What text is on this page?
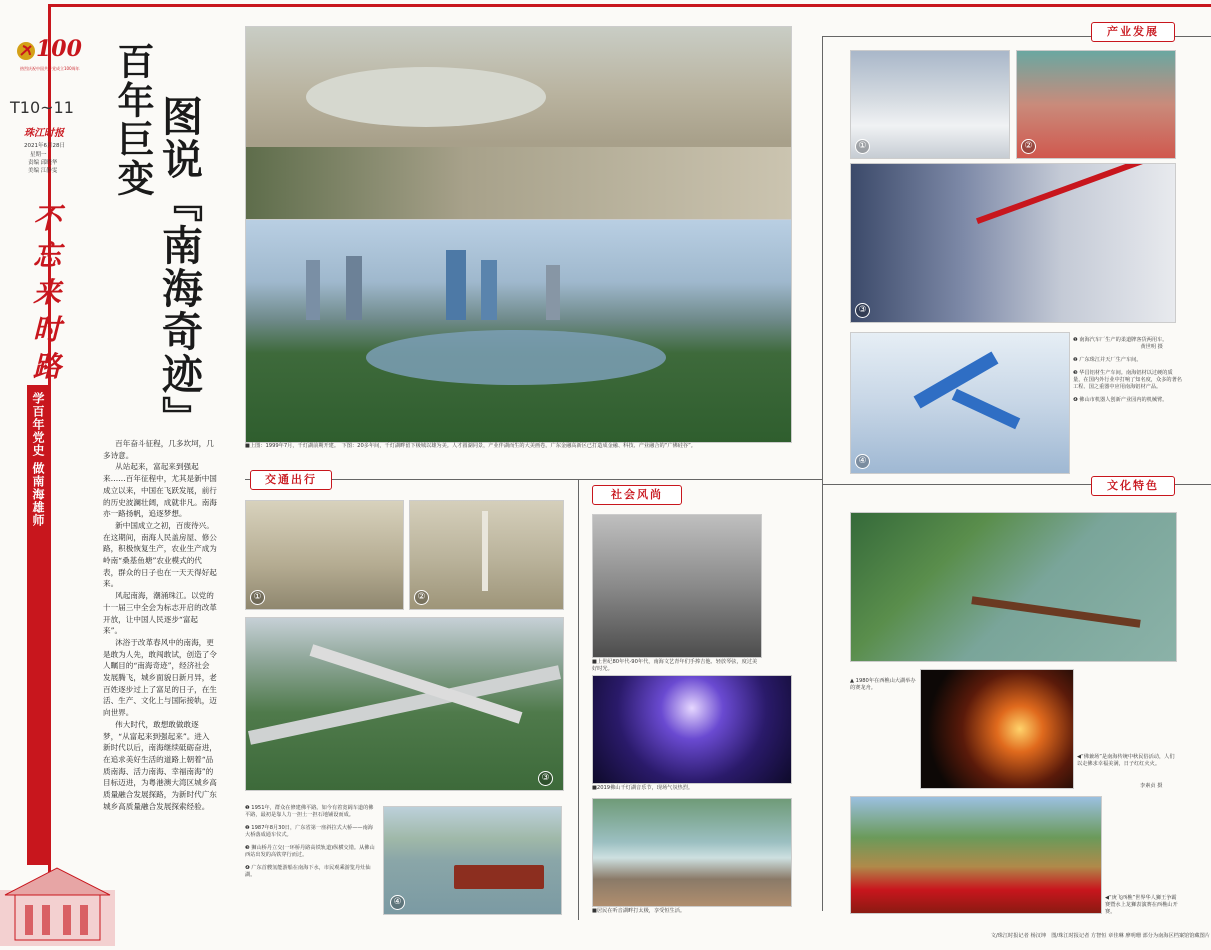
100
热烈庆祝中国共产党成立100周年
T10~11
珠江时报
2021年6月28日
星期一
责编 邱晓华
美编 江静雯
不
忘
来
时
路
学百年党史 做南海雄师
百年巨变 图说『南海奇迹』

百年奋斗征程，几多坎坷，几多诗意。

从站起来，富起来到强起来……百年征程中，尤其是新中国成立以来，中国在飞跃发展，前行的历史波澜壮阔，成就非凡。南海亦一路扬帆，追逐梦想。

新中国成立之初，百废待兴。在这期间，南海人民盖房屋、修公路，积极恢复生产，农业生产成为岭南“桑基鱼塘”农业模式的代表，群众的日子也在一天天得好起来。

风起南海，潮涌珠江。以党的十一届三中全会为标志开启的改革开放，让中国人民逐步“富起来”。

沐浴于改革春风中的南海，更是敢为人先，敢闯敢试，创造了令人瞩目的“南海奇迹”，经济社会发展腾飞，城乡面貌日新月异，老百姓逐步过上了富足的日子，在生活、生产、文化上与国际接轨，迈向世界。

伟大时代，敢想敢做敢逐梦，“从富起来到强起来”。进入新时代以后，南海继续砥砺奋进，在追求美好生活的道路上朝着“品质南海、活力南海、幸福南海”的目标迈进，为粤港澳大湾区城乡高质量融合发展探路，为新时代广东城乡高质量融合发展探索经验。

■上图：1999年7月，千灯湖前期开建。　下图：20多年间，千灯湖畔留下极城以雄为美。人才圆湖同景，产业伴湖而生的大美画卷。广东金融高新区已打造成金融、科技、产业融合的“广佛硅谷”。
交通出行
①	②
③
❶ 1951年，群众在修建佛平路。如今有着宽阔车道的佛平路，最初是靠人力一担土一担石地铺设而成。
❷ 1987年8月30日，广东省第一座斜拉式大桥——南海大桥落成通车仪式。
❸ 狮山桥丹立交(一环桥丹路高铁轨道)纵横交错。从佛山西站出发的高铁穿行而过。
❹ 广东首艘氢能游船在南海下水，市民观乘游览丹灶仙湖。
④
社会风尚
■上世纪80年代-90年代，南海文艺青年们手捧吉他、轻放琴弦，度过美好时光。
■2019佛山千灯湖音乐节，现场气氛热烈。
■居民在听音湖畔打太极，享受恒生活。
产业发展
①	②
③
④
❶ 南海汽车厂生产的柔道牌客货两用车。
　　　　　　　　　　　　　黄世明 摄
❷ 广东珠江并天厂生产车间。
❸ 华昌铝材生产车间。南海铝材以过硬的质量，在国内外行业中打响了知名度，众多的著名工程、国之重器中应用南海铝材产品。
❹ 佛山市机器人创新产业园内的机械臂。
文化特色
▲ 1980年在西樵山大湖举办的赛龙舟。
◀“佛兼场”是南海传统中秋民俗活动，人们以走佛求幸福美满，日子红红火火。
李素贞 摄
◀“庚飞西樵”世界华人狮王争霸赛暨水上龙狮表演赛在西樵山开赛。
文/珠江时报记者 杨汉坤　图/珠江时报记者 方智恒 章佳琳 廖明珊 部分为南海区档案馆馆藏图片
